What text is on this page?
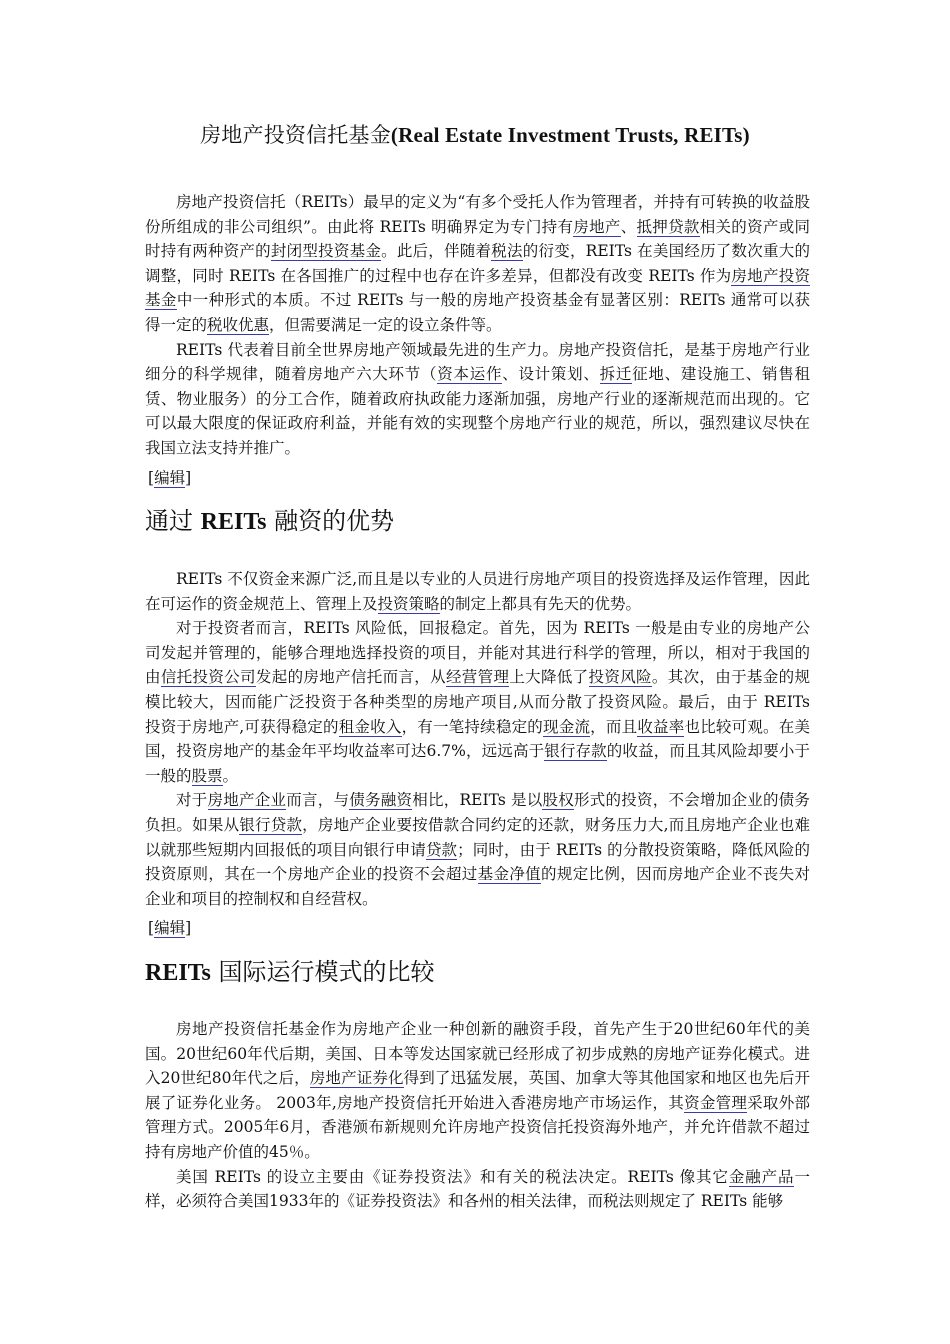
房地产投资信托基金(Real Estate Investment Trusts, REITs)

房地产投资信托（REITs）最早的定义为“有多个受托人作为管理者，并持有可转换的收益股份所组成的非公司组织”。由此将 REITs 明确界定为专门持有房地产、抵押贷款相关的资产或同时持有两种资产的封闭型投资基金。此后，伴随着税法的衍变，REITs 在美国经历了数次重大的调整，同时 REITs 在各国推广的过程中也存在许多差异，但都没有改变 REITs 作为房地产投资基金中一种形式的本质。不过 REITs 与一般的房地产投资基金有显著区别：REITs 通常可以获得一定的税收优惠，但需要满足一定的设立条件等。

REITs 代表着目前全世界房地产领域最先进的生产力。房地产投资信托，是基于房地产行业细分的科学规律，随着房地产六大环节（资本运作、设计策划、拆迁征地、建设施工、销售租赁、物业服务）的分工合作，随着政府执政能力逐渐加强，房地产行业的逐渐规范而出现的。它可以最大限度的保证政府利益，并能有效的实现整个房地产行业的规范，所以，强烈建议尽快在我国立法支持并推广。

[编辑]
通过 REITs 融资的优势

REITs 不仅资金来源广泛,而且是以专业的人员进行房地产项目的投资选择及运作管理，因此在可运作的资金规范上、管理上及投资策略的制定上都具有先天的优势。

对于投资者而言，REITs 风险低，回报稳定。首先，因为 REITs 一般是由专业的房地产公司发起并管理的，能够合理地选择投资的项目，并能对其进行科学的管理，所以，相对于我国的由信托投资公司发起的房地产信托而言，从经营管理上大降低了投资风险。其次，由于基金的规模比较大，因而能广泛投资于各种类型的房地产项目,从而分散了投资风险。最后，由于 REITs 投资于房地产,可获得稳定的租金收入，有一笔持续稳定的现金流，而且收益率也比较可观。在美国，投资房地产的基金年平均收益率可达6.7%，远远高于银行存款的收益，而且其风险却要小于一般的股票。

对于房地产企业而言，与债务融资相比，REITs 是以股权形式的投资，不会增加企业的债务负担。如果从银行贷款，房地产企业要按借款合同约定的还款，财务压力大,而且房地产企业也难以就那些短期内回报低的项目向银行申请贷款；同时，由于 REITs 的分散投资策略，降低风险的投资原则，其在一个房地产企业的投资不会超过基金净值的规定比例，因而房地产企业不丧失对企业和项目的控制权和自经营权。

[编辑]
REITs 国际运行模式的比较

房地产投资信托基金作为房地产企业一种创新的融资手段，首先产生于20世纪60年代的美国。20世纪60年代后期，美国、日本等发达国家就已经形成了初步成熟的房地产证券化模式。进入20世纪80年代之后，房地产证券化得到了迅猛发展，英国、加拿大等其他国家和地区也先后开展了证券化业务。 2003年,房地产投资信托开始进入香港房地产市场运作，其资金管理采取外部管理方式。2005年6月，香港颁布新规则允许房地产投资信托投资海外地产，并允许借款不超过持有房地产价值的45％。

美国 REITs 的设立主要由《证券投资法》和有关的税法决定。REITs 像其它金融产品一样，必须符合美国1933年的《证券投资法》和各州的相关法律，而税法则规定了 REITs 能够
